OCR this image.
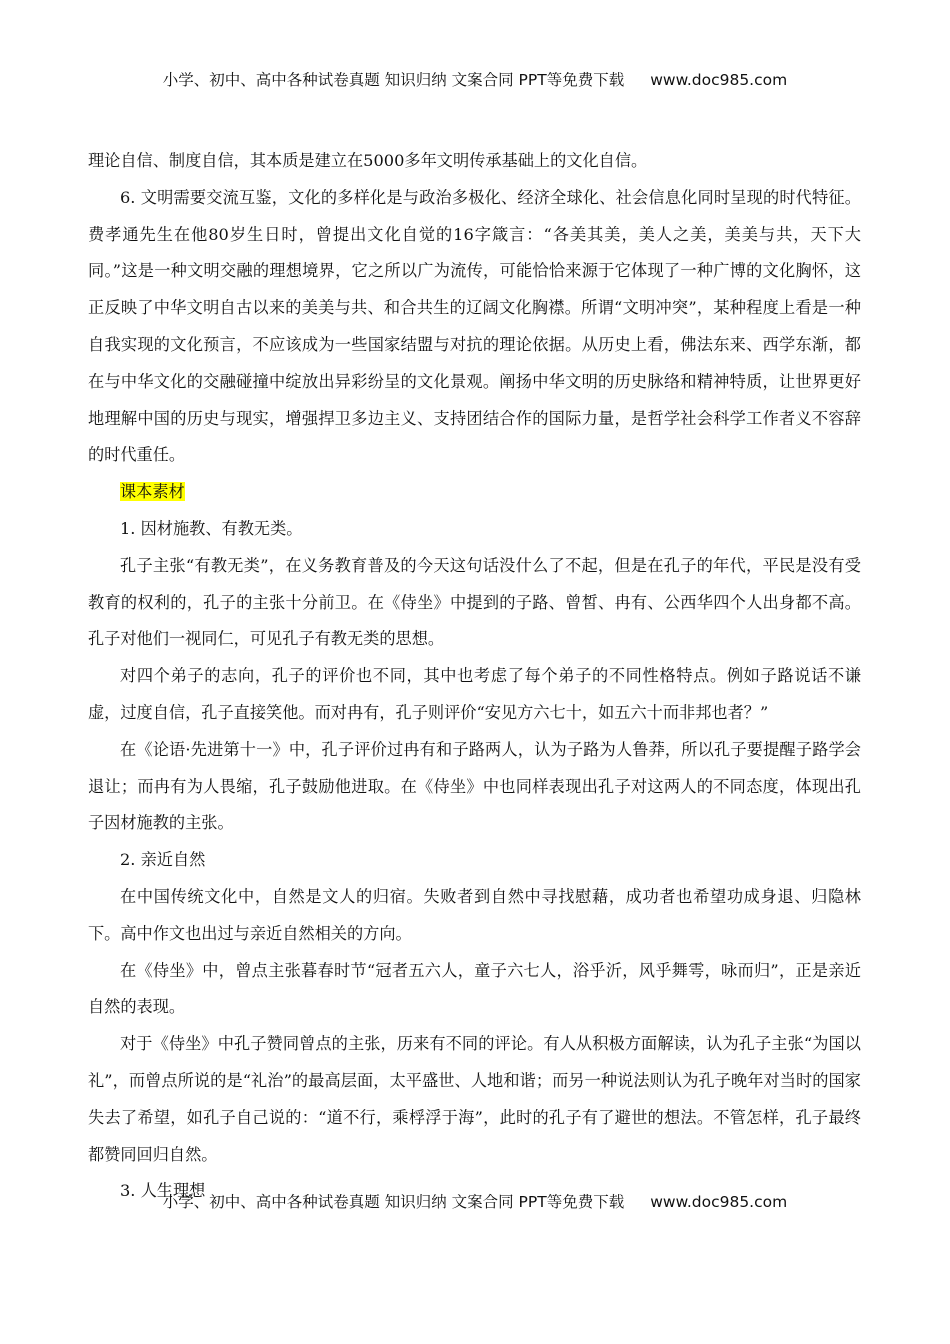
小学、初中、高中各种试卷真题 知识归纳 文案合同 PPT等免费下载 www.doc985.com

理论自信、制度自信，其本质是建立在5000多年文明传承基础上的文化自信。

6. 文明需要交流互鉴，文化的多样化是与政治多极化、经济全球化、社会信息化同时呈现的时代特征。费孝通先生在他80岁生日时，曾提出文化自觉的16字箴言：“各美其美，美人之美，美美与共，天下大同。”这是一种文明交融的理想境界，它之所以广为流传，可能恰恰来源于它体现了一种广博的文化胸怀，这正反映了中华文明自古以来的美美与共、和合共生的辽阔文化胸襟。所谓“文明冲突”，某种程度上看是一种自我实现的文化预言，不应该成为一些国家结盟与对抗的理论依据。从历史上看，佛法东来、西学东渐，都在与中华文化的交融碰撞中绽放出异彩纷呈的文化景观。阐扬中华文明的历史脉络和精神特质，让世界更好地理解中国的历史与现实，增强捍卫多边主义、支持团结合作的国际力量，是哲学社会科学工作者义不容辞的时代重任。

课本素材

1. 因材施教、有教无类。

孔子主张“有教无类”，在义务教育普及的今天这句话没什么了不起，但是在孔子的年代，平民是没有受教育的权利的，孔子的主张十分前卫。在《侍坐》中提到的子路、曾皙、冉有、公西华四个人出身都不高。孔子对他们一视同仁，可见孔子有教无类的思想。

对四个弟子的志向，孔子的评价也不同，其中也考虑了每个弟子的不同性格特点。例如子路说话不谦虚，过度自信，孔子直接笑他。而对冉有，孔子则评价“安见方六七十，如五六十而非邦也者？”

在《论语·先进第十一》中，孔子评价过冉有和子路两人，认为子路为人鲁莽，所以孔子要提醒子路学会退让；而冉有为人畏缩，孔子鼓励他进取。在《侍坐》中也同样表现出孔子对这两人的不同态度，体现出孔子因材施教的主张。

2. 亲近自然

在中国传统文化中，自然是文人的归宿。失败者到自然中寻找慰藉，成功者也希望功成身退、归隐林下。高中作文也出过与亲近自然相关的方向。

在《侍坐》中，曾点主张暮春时节“冠者五六人，童子六七人，浴乎沂，风乎舞雩，咏而归”，正是亲近自然的表现。

对于《侍坐》中孔子赞同曾点的主张，历来有不同的评论。有人从积极方面解读，认为孔子主张“为国以礼”，而曾点所说的是“礼治”的最高层面，太平盛世、人地和谐；而另一种说法则认为孔子晚年对当时的国家失去了希望，如孔子自己说的：“道不行，乘桴浮于海”，此时的孔子有了避世的想法。不管怎样，孔子最终都赞同回归自然。

3. 人生理想

小学、初中、高中各种试卷真题 知识归纳 文案合同 PPT等免费下载 www.doc985.com
